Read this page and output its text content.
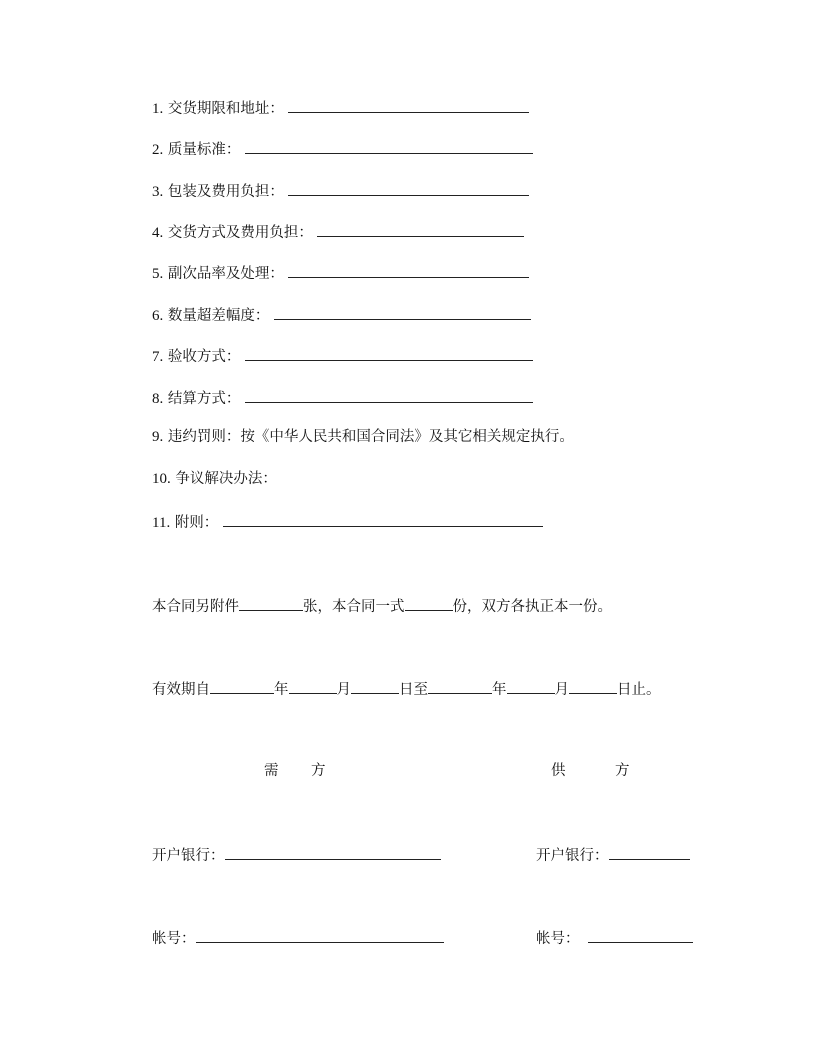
1. 交货期限和地址：
2. 质量标准：
3. 包装及费用负担：
4. 交货方式及费用负担：
5. 副次品率及处理：
6. 数量超差幅度：
7. 验收方式：
8. 结算方式：
9. 违约罚则：按《中华人民共和国合同法》及其它相关规定执行。
10. 争议解决办法：
11. 附则：
本合同另附件	张，本合同一式	份，双方各执正本一份。
有效期自	年	月	日至	年	月	日止。
需 方	供	方
开户银行：	开户银行：
帐号：	帐号：
